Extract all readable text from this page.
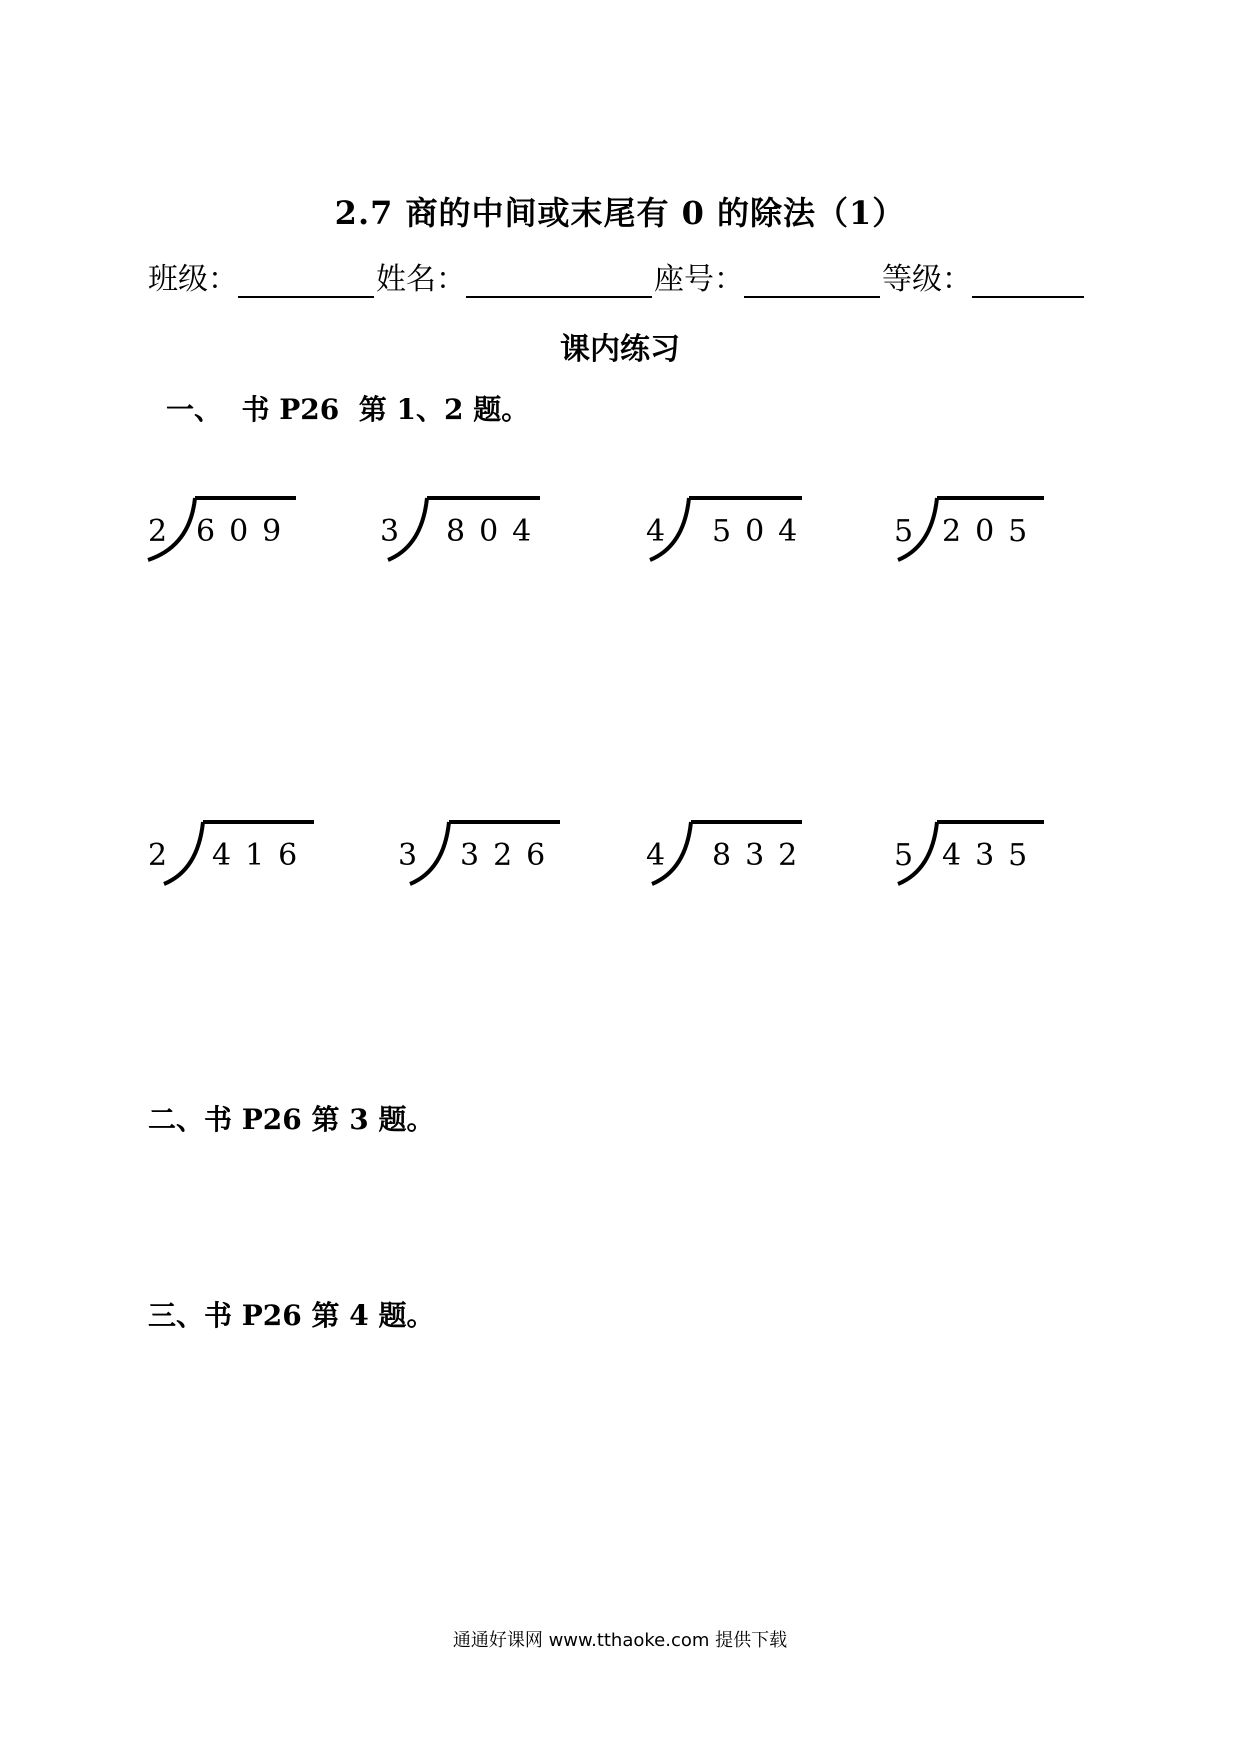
2.7 商的中间或末尾有 0 的除法（1）
班级：	姓名：	座号：	等级：
课内练习
一、  书 P26  第 1、2 题。
2 609	3 804	4 504	5 205
2 416	3 326	4 832	5 435
二、书 P26 第 3 题。
三、书 P26 第 4 题。
通通好课网 www.tthaoke.com 提供下载
